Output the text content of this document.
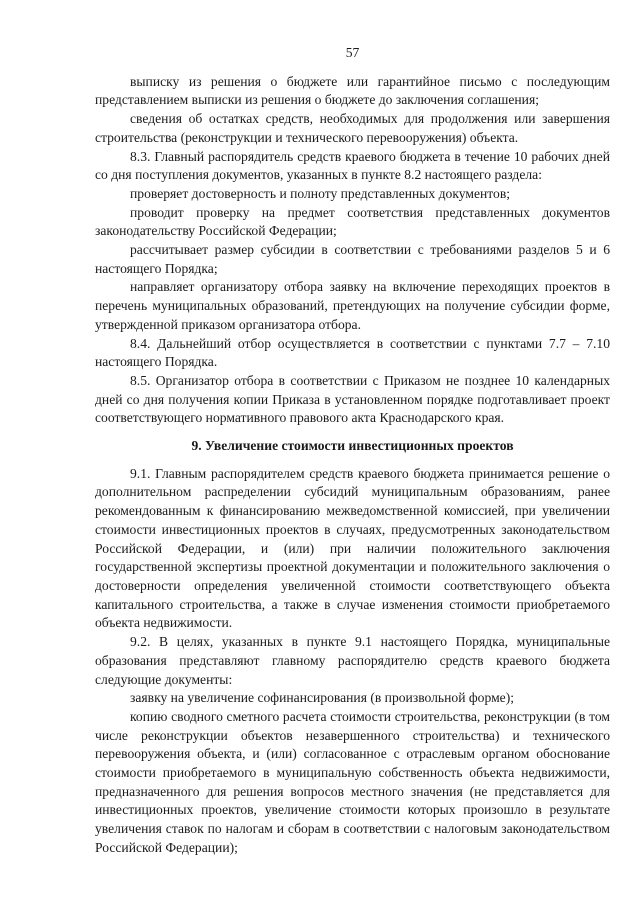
57

выписку из решения о бюджете или гарантийное письмо с последующим представлением выписки из решения о бюджете до заключения соглашения;

сведения об остатках средств, необходимых для продолжения или завершения строительства (реконструкции и технического перевооружения) объекта.

8.3. Главный распорядитель средств краевого бюджета в течение 10 рабочих дней со дня поступления документов, указанных в пункте 8.2 настоящего раздела:

проверяет достоверность и полноту представленных документов;

проводит проверку на предмет соответствия представленных документов законодательству Российской Федерации;

рассчитывает размер субсидии в соответствии с требованиями разделов 5 и 6 настоящего Порядка;

направляет организатору отбора заявку на включение переходящих проектов в перечень муниципальных образований, претендующих на получение субсидии форме, утвержденной приказом организатора отбора.

8.4. Дальнейший отбор осуществляется в соответствии с пунктами 7.7 – 7.10 настоящего Порядка.

8.5. Организатор отбора в соответствии с Приказом не позднее 10 календарных дней со дня получения копии Приказа в установленном порядке подготавливает проект соответствующего нормативного правового акта Краснодарского края.

9. Увеличение стоимости инвестиционных проектов

9.1. Главным распорядителем средств краевого бюджета принимается решение о дополнительном распределении субсидий муниципальным образованиям, ранее рекомендованным к финансированию межведомственной комиссией, при увеличении стоимости инвестиционных проектов в случаях, предусмотренных законодательством Российской Федерации, и (или) при наличии положительного заключения государственной экспертизы проектной документации и положительного заключения о достоверности определения увеличенной стоимости соответствующего объекта капитального строительства, а также в случае изменения стоимости приобретаемого объекта недвижимости.

9.2. В целях, указанных в пункте 9.1 настоящего Порядка, муниципальные образования представляют главному распорядителю средств краевого бюджета следующие документы:

заявку на увеличение софинансирования (в произвольной форме);

копию сводного сметного расчета стоимости строительства, реконструкции (в том числе реконструкции объектов незавершенного строительства) и технического перевооружения объекта, и (или) согласованное с отраслевым органом обоснование стоимости приобретаемого в муниципальную собственность объекта недвижимости, предназначенного для решения вопросов местного значения (не представляется для инвестиционных проектов, увеличение стоимости которых произошло в результате увеличения ставок по налогам и сборам в соответствии с налоговым законодательством Российской Федерации);
